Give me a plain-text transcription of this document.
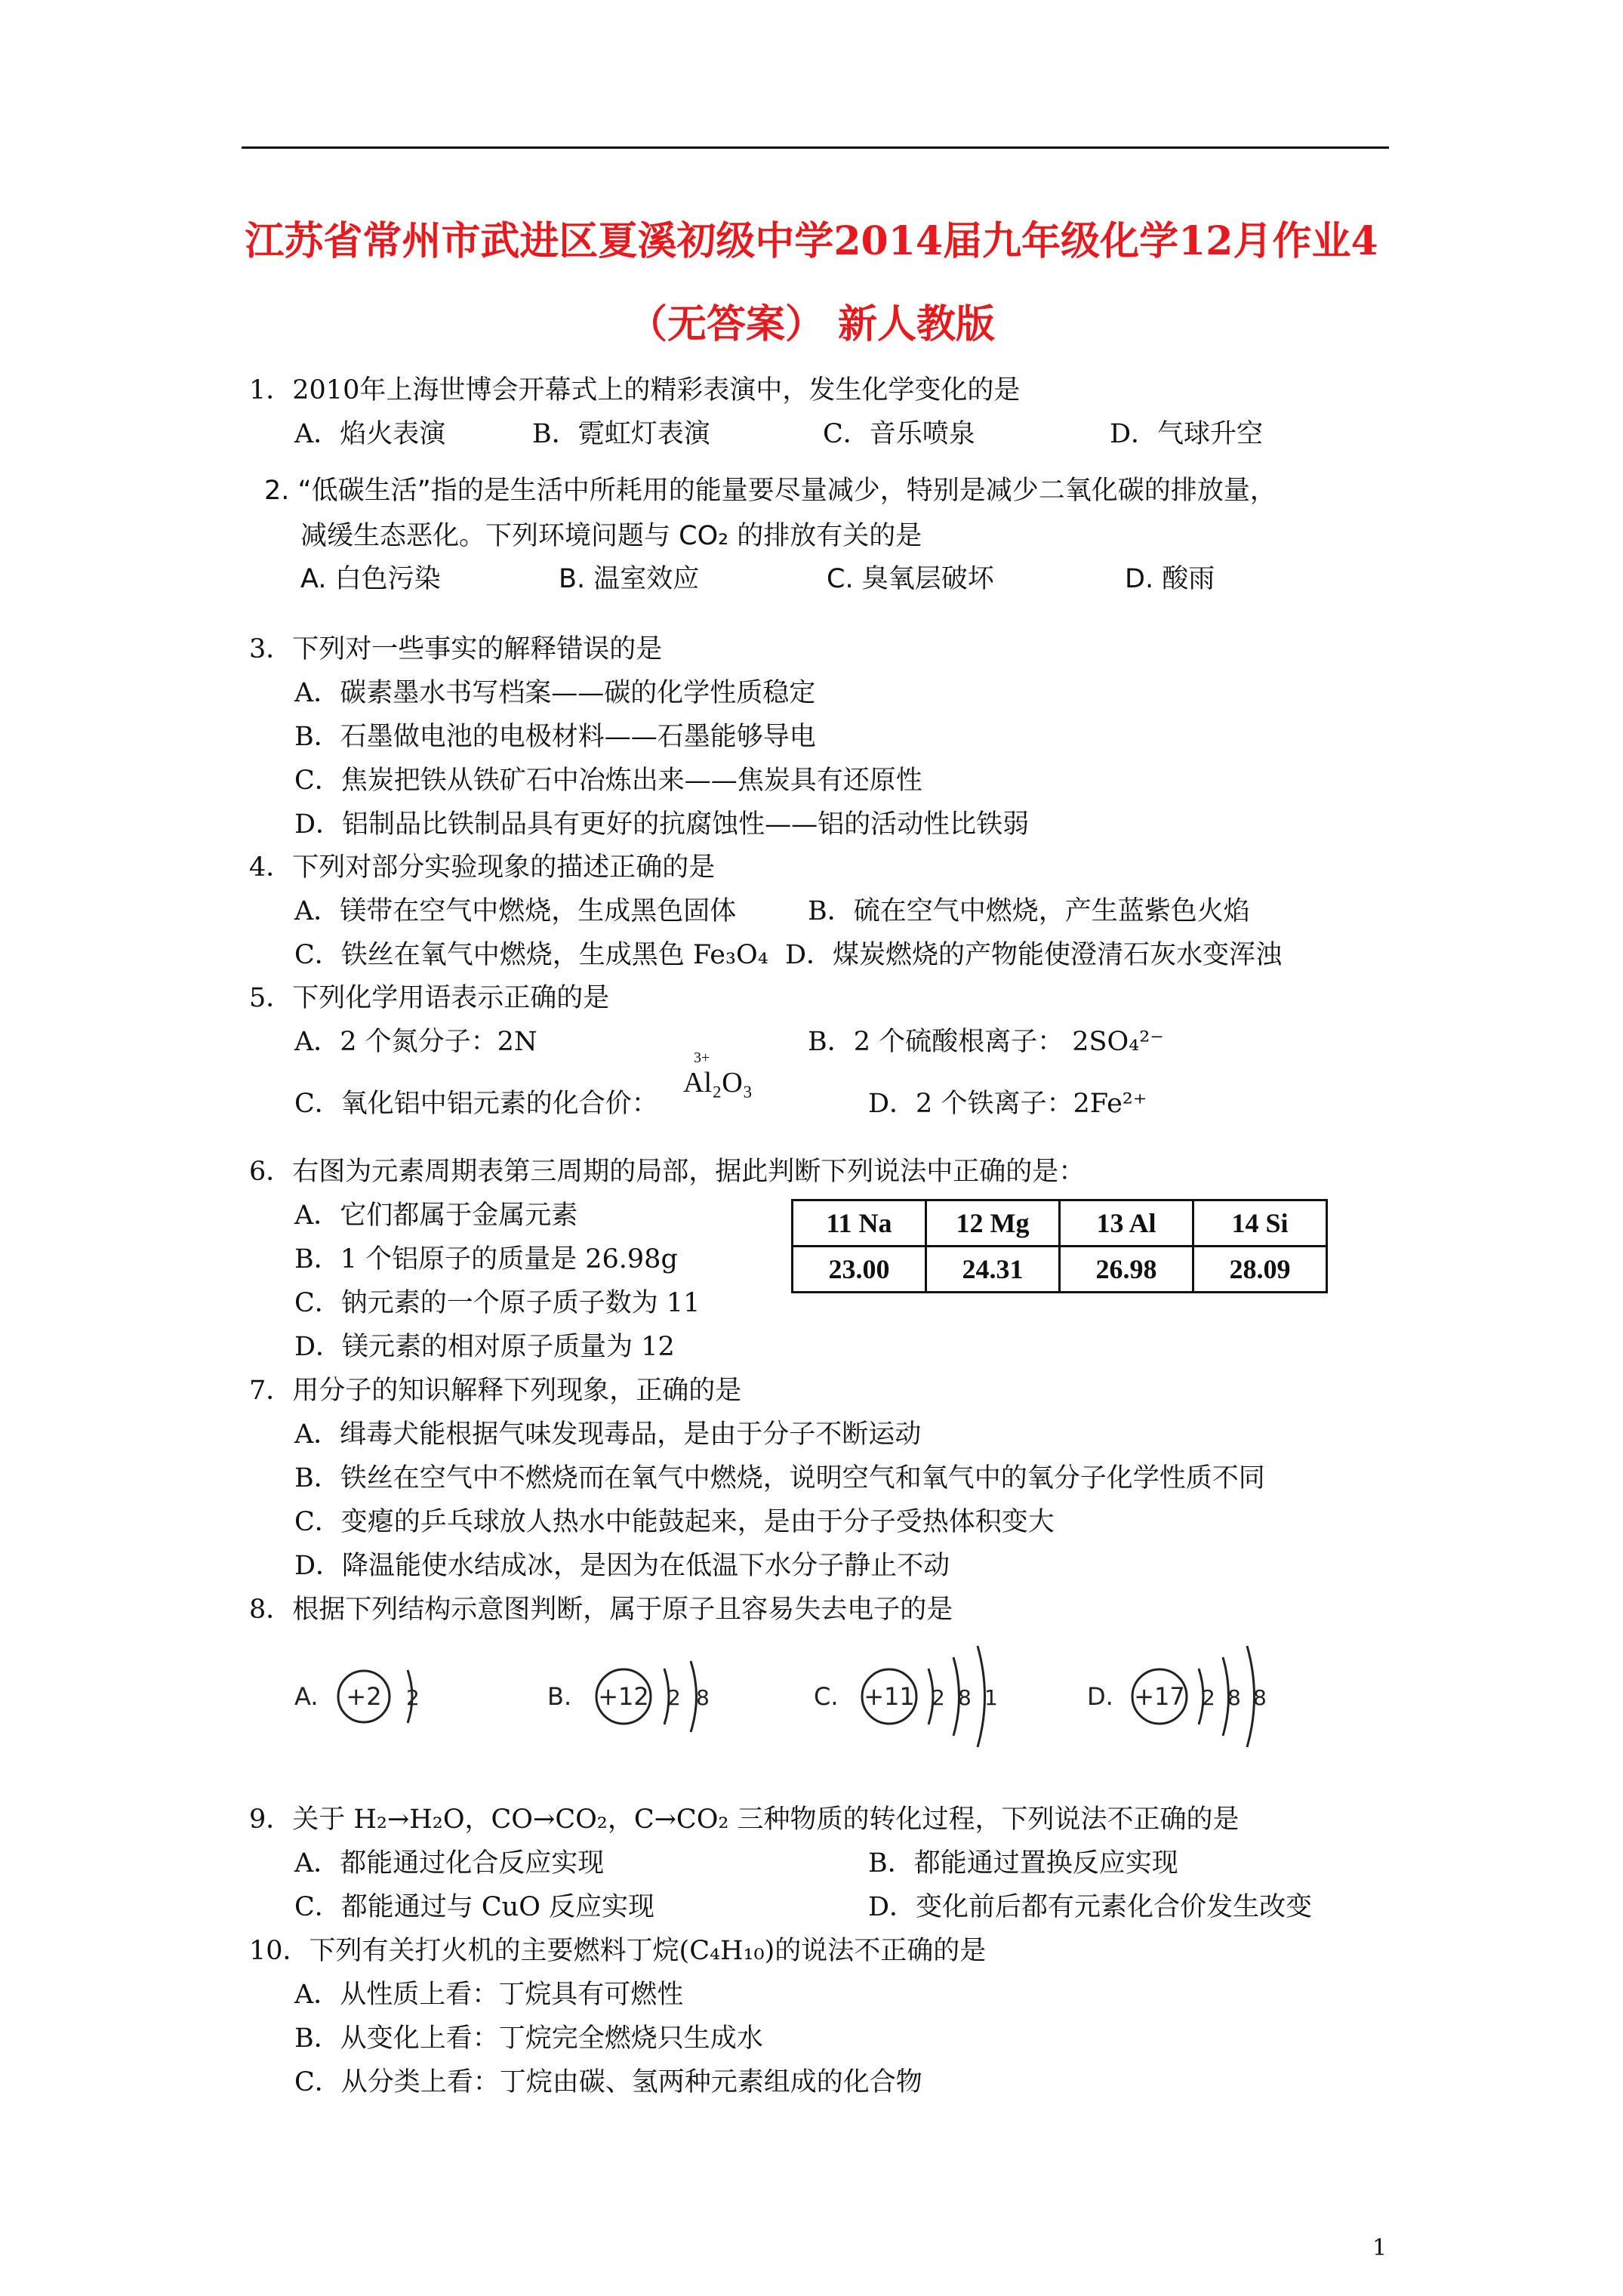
江苏省常州市武进区夏溪初级中学2014届九年级化学12月作业4
（无答案） 新人教版
1．2010年上海世博会开幕式上的精彩表演中，发生化学变化的是
A．焰火表演	B．霓虹灯表演	C．音乐喷泉	D．气球升空
2. “低碳生活”指的是生活中所耗用的能量要尽量减少，特别是减少二氧化碳的排放量，
减缓生态恶化。下列环境问题与 CO₂ 的排放有关的是
A. 白色污染	B. 温室效应	C. 臭氧层破坏	D. 酸雨
3．下列对一些事实的解释错误的是
A．碳素墨水书写档案——碳的化学性质稳定
B．石墨做电池的电极材料——石墨能够导电
C．焦炭把铁从铁矿石中冶炼出来——焦炭具有还原性
D．铝制品比铁制品具有更好的抗腐蚀性——铝的活动性比铁弱
4．下列对部分实验现象的描述正确的是
A．镁带在空气中燃烧，生成黑色固体	B．硫在空气中燃烧，产生蓝紫色火焰
C．铁丝在氧气中燃烧，生成黑色 Fe₃O₄ D．煤炭燃烧的产物能使澄清石灰水变浑浊
5．下列化学用语表示正确的是
A．2 个氮分子：2N	B．2 个硫酸根离子： 2SO₄²⁻
C．氧化铝中铝元素的化合价：
3+
Al₂O₃
D．2 个铁离子：2Fe²⁺
6．右图为元素周期表第三周期的局部，据此判断下列说法中正确的是：
A．它们都属于金属元素
B．1 个铝原子的质量是 26.98g
C．钠元素的一个原子质子数为 11
D．镁元素的相对原子质量为 12
11 Na	12 Mg	13 Al	14 Si
23.00	24.31	26.98	28.09
7．用分子的知识解释下列现象，正确的是
A．缉毒犬能根据气味发现毒品，是由于分子不断运动
B．铁丝在空气中不燃烧而在氧气中燃烧，说明空气和氧气中的氧分子化学性质不同
C．变瘪的乒乓球放人热水中能鼓起来，是由于分子受热体积变大
D．降温能使水结成冰，是因为在低温下水分子静止不动
8．根据下列结构示意图判断，属于原子且容易失去电子的是
A. +2 2	B. +12 2 8	C. +11 2 8 1	D. +17 2 8 8
9．关于 H₂→H₂O，CO→CO₂，C→CO₂ 三种物质的转化过程，下列说法不正确的是
A．都能通过化合反应实现	B．都能通过置换反应实现
C．都能通过与 CuO 反应实现	D．变化前后都有元素化合价发生改变
10．下列有关打火机的主要燃料丁烷(C₄H₁₀)的说法不正确的是
A．从性质上看：丁烷具有可燃性
B．从变化上看：丁烷完全燃烧只生成水
C．从分类上看：丁烷由碳、氢两种元素组成的化合物
1
